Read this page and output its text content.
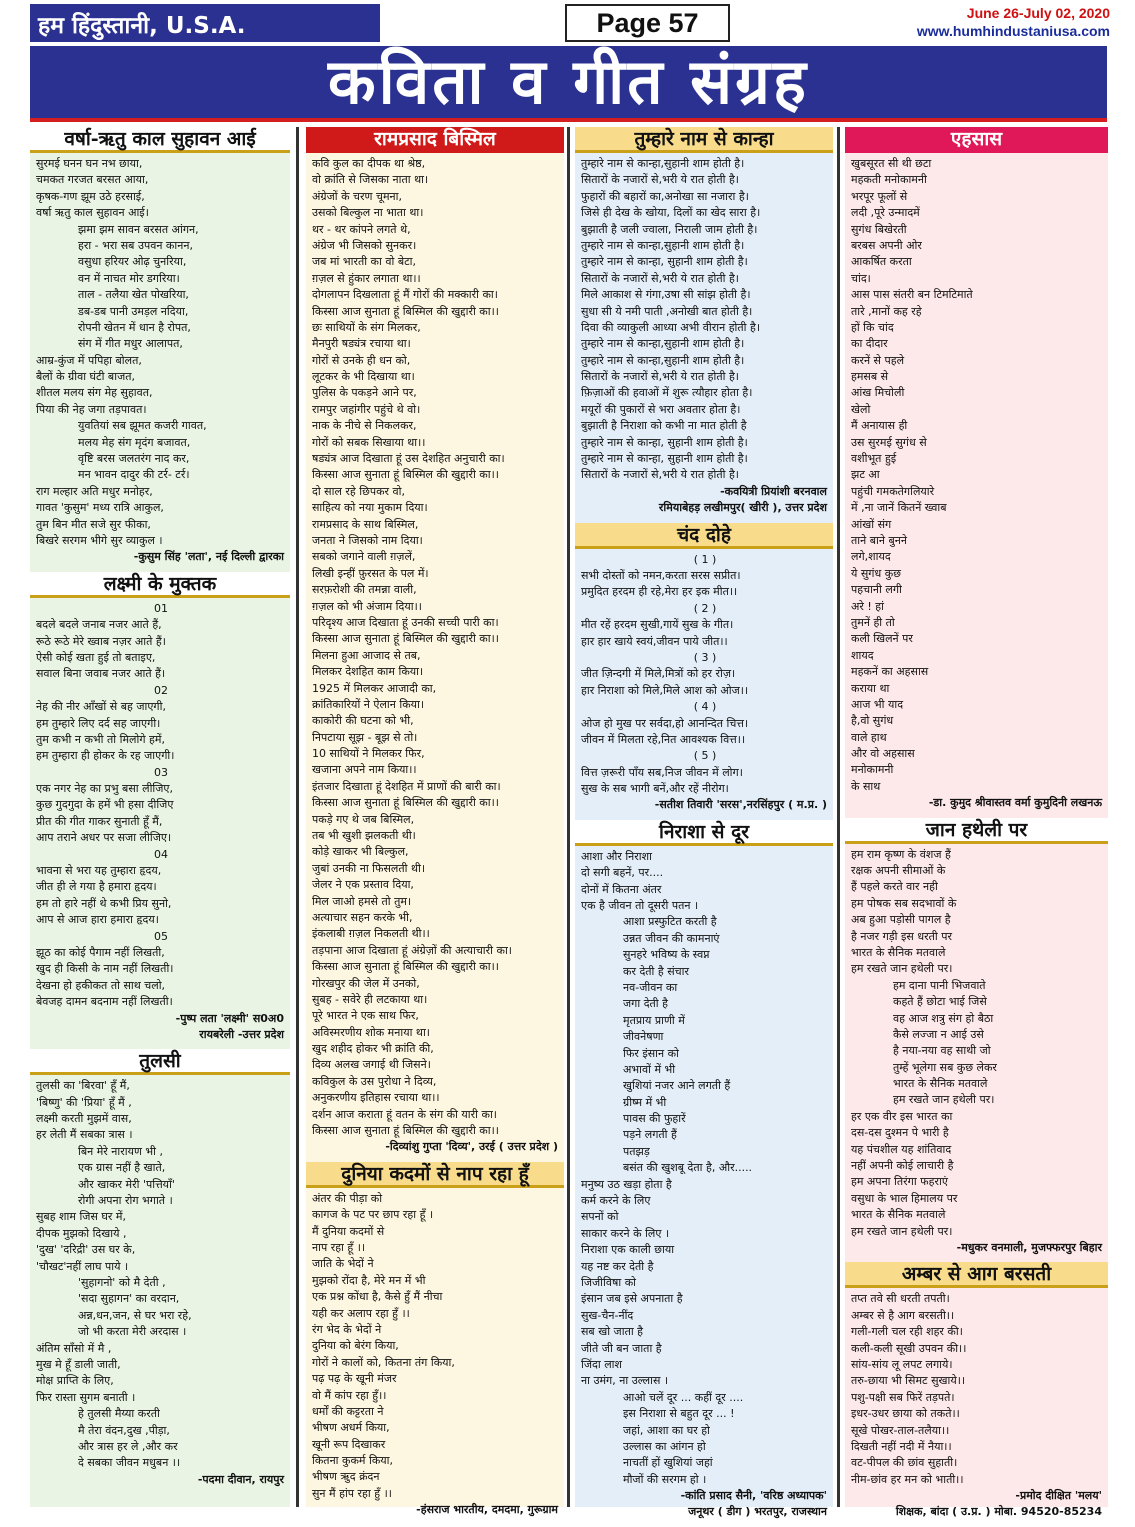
हम हिंदुस्तानी, U.S.A.	Page 57	June 26-July 02, 2020
www.humhindustaniusa.com
कविता व गीत संग्रह
वर्षा-ऋतु काल सुहावन आई
सुरमई घनन घन नभ छाया,
चमकत गरजत बरसत आया,
कृषक-गण झूम उठे हरसाई,
वर्षा ऋतु काल सुहावन आई।
झमा झम सावन बरसत आंगन,
हरा - भरा सब उपवन कानन,
वसुधा हरियर ओढ़ चुनरिया,
वन में नाचत मोर डगरिया।
ताल - तलैया खेत पोखरिया,
डब-डब पानी उमड़ल नदिया,
रोपनी खेतन में धान है रोपत,
संग में गीत मधुर आलापत,
आम्र-कुंज में पपिहा बोलत,
बैलों के ग्रीवा घंटी बाजत,
शीतल मलय संग मेह सुहावत,
पिया की नेह जगा तड़पावत।
युवतियां सब झूमत कजरी गावत,
मलय मेह संग मृदंग बजावत,
वृष्टि बरस जलतरंग नाद कर,
मन भावन दादुर की टर्र- टर्र।
राग मल्हार अति मधुर मनोहर,
गावत 'कुसुम' मध्य रात्रि आकुल,
तुम बिन मीत सजे सुर फीका,
बिखरे सरगम भीगे सुर व्याकुल ।
-कुसुम सिंह 'लता', नई दिल्ली द्वारका
लक्ष्मी के मुक्तक
01
बदले बदले जनाब नजर आते हैं,
रूठे रूठे मेरे ख्वाब नज़र आते हैं।
ऐसी कोई खता हुई तो बताइए,
सवाल बिना जवाब नजर आते हैं।
02
नेह की नीर आँखों से बह जाएगी,
हम तुम्हारे लिए दर्द सह जाएगी।
तुम कभी न कभी तो मिलोगे हमें,
हम तुम्हारा ही होकर के रह जाएगी।
03
एक नगर नेह का प्रभु बसा लीजिए,
कुछ गुदगुदा के हमें भी हसा दीजिए
प्रीत की गीत गाकर सुनाती हूँ मैं,
आप तराने अधर पर सजा लीजिए।
04
भावना से भरा यह तुम्हारा हृदय,
जीत ही ले गया है हमारा हृदय।
हम तो हारे नहीं थे कभी प्रिय सुनो,
आप से आज हारा हमारा हृदय।
05
झूठ का कोई पैगाम नहीं लिखती,
खुद ही किसी के नाम नहीं लिखती।
देखना हो हकीकत तो साथ चलो,
बेवजह दामन बदनाम नहीं लिखती।
-पुष्प लता 'लक्ष्मी' स0अ0
रायबरेली -उत्तर प्रदेश
तुलसी
तुलसी का 'बिरवा' हूँ मैं,
'बिष्णु' की 'प्रिया' हूँ मैं ,
लक्ष्मी करती मुझमें वास,
हर लेती मैं सबका त्रास ।
बिन मेरे नारायण भी ,
एक ग्रास नहीं है खाते,
और खाकर मेरी 'पत्तियाँ'
रोगी अपना रोग भगाते ।
सुबह शाम जिस घर में,
दीपक मुझको दिखाये ,
'दुख' 'दरिद्री' उस घर के,
'चौखट'नहीं लाघ पाये ।
'सुहागनो' को मै देती ,
'सदा सुहागन' का वरदान,
अन्न,धन,जन, से घर भरा रहे,
जो भी करता मेरी अरदास ।
अंतिम साँसो में मै ,
मुख मे हूँ डाली जाती,
मोक्ष प्राप्ति के लिए,
फिर रास्ता सुगम बनाती ।
हे तुलसी मैय्या करती
मै तेरा वंदन,दुख ,पीड़ा,
और त्रास हर ले ,और कर
दे सबका जीवन मधुबन ।।
-पदमा दीवान, रायपुर
रामप्रसाद बिस्मिल
कवि कुल का दीपक था श्रेष्ठ,
वो क्रांति से जिसका नाता था।
अंग्रेजों के चरण चूमना,
उसको बिल्कुल ना भाता था।
थर - थर कांपने लगते थे,
अंग्रेज भी जिसको सुनकर।
जब मां भारती का वो बेटा,
ग़ज़ल से हुंकार लगाता था।।
दोगलापन दिखलाता हूं मैं गोरों की मक्कारी का।
किस्सा आज सुनाता हूं बिस्मिल की खुद्दारी का।।
छः साथियों के संग मिलकर,
मैनपुरी षड्यंत्र रचाया था।
गोरों से उनके ही धन को,
लूटकर के भी दिखाया था।
पुलिस के पकड़ने आने पर,
रामपुर जहांगीर पहुंचे थे वो।
नाक के नीचे से निकलकर,
गोरों को सबक सिखाया था।।
षड्यंत्र आज दिखाता हूं उस देशहित अनुचारी का।
किस्सा आज सुनाता हूं बिस्मिल की खुद्दारी का।।
दो साल रहे छिपकर वो,
साहित्य को नया मुकाम दिया।
रामप्रसाद के साथ बिस्मिल,
जनता ने जिसको नाम दिया।
सबको जगाने वाली ग़ज़लें,
लिखी इन्हीं फ़ुरसत के पल में।
सरफ़रोशी की तमन्ना वाली,
ग़ज़ल को भी अंजाम दिया।।
परिदृश्य आज दिखाता हूं उनकी सच्ची पारी का।
किस्सा आज सुनाता हूं बिस्मिल की खुद्दारी का।।
मिलना हुआ आजाद से तब,
मिलकर देशहित काम किया।
1925 में मिलकर आजादी का,
क्रांतिकारियों ने ऐलान किया।
काकोरी की घटना को भी,
निपटाया सूझ - बूझ से तो।
10 साथियों ने मिलकर फिर,
खजाना अपने नाम किया।।
इंतजार दिखाता हूं देशहित में प्राणों की बारी का।
किस्सा आज सुनाता हूं बिस्मिल की खुद्दारी का।।
पकड़े गए थे जब बिस्मिल,
तब भी खुशी झलकती थी।
कोड़े खाकर भी बिल्कुल,
जुबां उनकी ना फिसलती थी।
जेलर ने एक प्रस्ताव दिया,
मिल जाओ हमसे तो तुम।
अत्याचार सहन करके भी,
इंकलाबी ग़ज़ल निकलती थी।।
तड़पाना आज दिखाता हूं अंग्रेज़ों की अत्याचारी का।
किस्सा आज सुनाता हूं बिस्मिल की खुद्दारी का।।
गोरखपुर की जेल में उनको,
सुबह - सवेरे ही लटकाया था।
पूरे भारत ने एक साथ फिर,
अविस्मरणीय शोक मनाया था।
खुद शहीद होकर भी क्रांति की,
दिव्य अलख जगाई थी जिसने।
कविकुल के उस पुरोधा ने दिव्य,
अनुकरणीय इतिहास रचाया था।।
दर्शन आज कराता हूं वतन के संग की यारी का।
किस्सा आज सुनाता हूं बिस्मिल की खुद्दारी का।।
-दिव्यांशु गुप्ता 'दिव्य', उरई ( उत्तर प्रदेश )
दुनिया कदमों से नाप रहा हूँ
अंतर की पीड़ा को
कागज के पट पर छाप रहा हूँ ।
मैं दुनिया कदमों से
नाप रहा हूँ ।।
जाति के भेदों ने
मुझको रोंदा है, मेरे मन में भी
एक प्रश्न कोंधा है, कैसे हुँ मैं नीचा
यही कर अलाप रहा हुँ ।।
रंग भेद के भेदों ने
दुनिया को बेरंग किया,
गोरों ने कालों को, कितना तंग किया,
पढ़ पढ़ के खूनी मंजर
वो मैं कांप रहा हुँ।।
धर्मों की कट्टरता ने
भीषण अधर्म किया,
खूनी रूप दिखाकर
कितना कुकर्म किया,
भीषण ऋुद क्रंदन
सुन मैं हांप रहा हुँ ।।
-हंसराज भारतीय, दमदमा, गुरूग्राम
तुम्हारे नाम से कान्हा
तुम्हारे नाम से कान्हा,सुहानी शाम होती है।
सितारों के नजारों से,भरी ये रात होती है।
फुहारों की बहारों का,अनोखा सा नजारा है।
जिसे ही देख के खोया, दिलों का खेद सारा है।
बुझाती है जली ज्वाला, निराली जाम होती है।
तुम्हारे नाम से कान्हा,सुहानी शाम होती है।
तुम्हारे नाम से कान्हा, सुहानी शाम होती है।
सितारों के नजारों से,भरी ये रात होती है।
मिले आकाश से गंगा,उषा सी सांझ होती है।
सुधा सी ये नमी पाती ,अनोखी बात होती है।
दिवा की व्याकुली आध्या अभी वीरान होती है।
तुम्हारे नाम से कान्हा,सुहानी शाम होती है।
तुम्हारे नाम से कान्हा,सुहानी शाम होती है।
सितारों के नजारों से,भरी ये रात होती है।
फ़िज़ाओं की हवाओं में शुरू त्यौहार होता है।
मयूरों की पुकारों से भरा अवतार होता है।
बुझाती है निराशा को कभी ना मात होती है
तुम्हारे नाम से कान्हा, सुहानी शाम होती है।
तुम्हारे नाम से कान्हा, सुहानी शाम होती है।
सितारों के नजारों से,भरी ये रात होती है।
-कवयित्री प्रियांशी बरनवाल
रमियाबेहड़ लखीमपुर( खीरी ), उत्तर प्रदेश
चंद दोहे
( 1 )
सभी दोस्तों को नमन,करता सरस सप्रीत।
प्रमुदित हरदम ही रहे,मेरा हर इक मीत।।
( 2 )
मीत रहें हरदम सुखी,गायें सुख के गीत।
हार हार खाये स्वयं,जीवन पाये जीत।।
( 3 )
जीत ज़िन्दगी में मिले,मित्रों को हर रोज़।
हार निराशा को मिले,मिले आश को ओज।।
( 4 )
ओज हो मुख पर सर्वदा,हो आनन्दित चित्त।
जीवन में मिलता रहे,नित आवश्यक वित्त।।
( 5 )
वित्त ज़रूरी पाँय सब,निज जीवन में लोग।
सुख के सब भागी बनें,और रहें नीरोग।
-सतीश तिवारी 'सरस',नरसिंहपुर ( म.प्र. )
निराशा से दूर
आशा और निराशा
दो सगी बहनें, पर....
दोनों में कितना अंतर
एक है जीवन तो दूसरी पतन ।
आशा प्रस्फुटित करती है
उन्नत जीवन की कामनाएं
सुनहरे भविष्य के स्वप्न
कर देती है संचार
नव-जीवन का
जगा देती है
मृतप्राय प्राणी में
जीवनेषणा
फिर इंसान को
अभावों में भी
खुशियां नजर आने लगती हैं
ग्रीष्म में भी
पावस की फुहारें
पड़ने लगती हैं
पतझड़
बसंत की खुशबू देता है, और.....
मनुष्य उठ खड़ा होता है
कर्म करने के लिए
सपनों को
साकार करने के लिए ।
निराशा एक काली छाया
यह नष्ट कर देती है
जिजीविषा को
इंसान जब इसे अपनाता है
सुख-चैन-नींद
सब खो जाता है
जीते जी बन जाता है
जिंदा लाश
ना उमंग, ना उल्लास ।
आओ चलें दूर ... कहीं दूर ....
इस निराशा से बहुत दूर ... !
जहां, आशा का घर हो
उल्लास का आंगन हो
नाचतीं हों खुशियां जहां
मौजों की सरगम हो ।
-कांति प्रसाद सैनी, 'वरिष्ठ अध्यापक'
जनूथर ( डीग ) भरतपुर, राजस्थान
एहसास
खुबसूरत सी थी छटा
महकती मनोकामनी
भरपूर फूलों से
लदी ,पूरे उन्मादमें
सुगंध बिखेरती
बरबस अपनी ओर
आकर्षित करता
चांद।
आस पास संतरी बन टिमटिमाते
तारे ,मानों कह रहे
हों कि चांद
का दीदार
करनें से पहले
हमसब से
आंख मिचोली
खेलो
मैं अनायास ही
उस सुरमई सुगंध से
वशीभूत हुई
झट आ
पहुंची गमकतेगलियारे
में ,ना जानें कितनें ख्वाब
आंखों संग
ताने बाने बुनने
लगे,शायद
ये सुगंध कुछ
पहचानी लगी
अरे ! हां
तुमनें ही तो
कली खिलनें पर
शायद
महकनें का अहसास
कराया था
आज भी याद
है,वो सुगंध
वाले हाथ
और वो अहसास
मनोकामनी
के साथ
-डा. कुमुद श्रीवास्तव वर्मा कुमुदिनी लखनऊ
जान हथेली पर
हम राम कृष्ण के वंशज हैं
रक्षक अपनी सीमाओं के
हैं पहले करते वार नही
हम पोषक सब सदभावों के
अब हुआ पड़ोसी पागल है
है नजर गड़ी इस धरती पर
भारत के सैनिक मतवाले
हम रखते जान हथेली पर।
हम दाना पानी भिजवाते
कहते हैं छोटा भाई जिसे
वह आज शत्रु संग हो बैठा
कैसे लज्जा न आई उसे
है नया-नया वह साथी जो
तुम्हें भूलेगा सब कुछ लेकर
भारत के सैनिक मतवाले
हम रखते जान हथेली पर।
हर एक वीर इस भारत का
दस-दस दुश्मन पे भारी है
यह पंचशील यह शांतिवाद
नहीं अपनी कोई लाचारी है
हम अपना तिरंगा फहराएं
वसुधा के भाल हिमालय पर
भारत के सैनिक मतवाले
हम रखते जान हथेली पर।
-मधुकर वनमाली, मुजफ्फरपुर बिहार
अम्बर से आग बरसती
तप्त तवे सी धरती तपती।
अम्बर से है आग बरसती।।
गली-गली चल रही शहर की।
कली-कली सूखी उपवन की।।
सांय-सांय लू लपट लगाये।
तरु-छाया भी सिमट सुखाये।।
पशु-पक्षी सब फिरें तड़पते।
इधर-उधर छाया को तकते।।
सूखे पोखर-ताल-तलैया।।
दिखती नहीं नदी में नैया।।
वट-पीपल की छांव सुहाती।
नीम-छांव हर मन को भाती।।
-प्रमोद दीक्षित 'मलय'
शिक्षक, बांदा ( उ.प्र. ) मोबा. 94520-85234
